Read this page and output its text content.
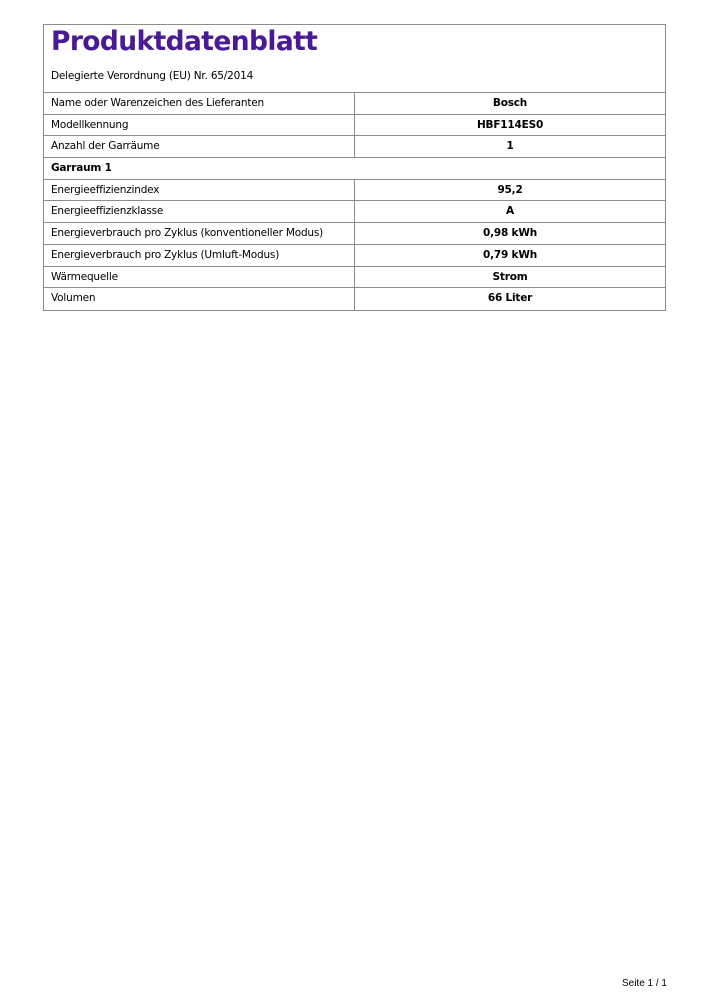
Produktdatenblatt
Delegierte Verordnung (EU) Nr. 65/2014
Name oder Warenzeichen des Lieferanten	Bosch
Modellkennung	HBF114ES0
Anzahl der Garräume	1
Garraum 1
Energieeffizienzindex	95,2
Energieeffizienzklasse	A
Energieverbrauch pro Zyklus (konventioneller Modus)	0,98 kWh
Energieverbrauch pro Zyklus (Umluft-Modus)	0,79 kWh
Wärmequelle	Strom
Volumen	66 Liter
Seite 1 / 1
